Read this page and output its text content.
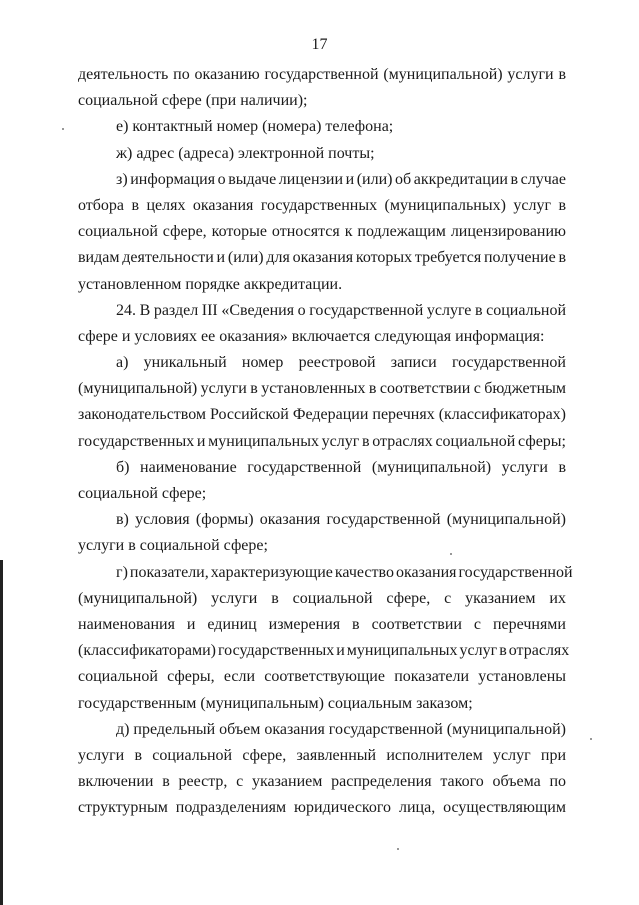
17
деятельность по оказанию государственной (муниципальной) услуги в
социальной сфере (при наличии);
е) контактный номер (номера) телефона;
ж) адрес (адреса) электронной почты;
з) информация о выдаче лицензии и (или) об аккредитации в случае
отбора в целях оказания государственных (муниципальных) услуг в
социальной сфере, которые относятся к подлежащим лицензированию
видам деятельности и (или) для оказания которых требуется получение в
установленном порядке аккредитации.
24. В раздел III «Сведения о государственной услуге в социальной
сфере и условиях ее оказания» включается следующая информация:
а) уникальный номер реестровой записи государственной
(муниципальной) услуги в установленных в соответствии с бюджетным
законодательством Российской Федерации перечнях (классификаторах)
государственных и муниципальных услуг в отраслях социальной сферы;
б) наименование государственной (муниципальной) услуги в
социальной сфере;
в) условия (формы) оказания государственной (муниципальной)
услуги в социальной сфере;
г) показатели, характеризующие качество оказания государственной
(муниципальной) услуги в социальной сфере, с указанием их
наименования и единиц измерения в соответствии с перечнями
(классификаторами) государственных и муниципальных услуг в отраслях
социальной сферы, если соответствующие показатели установлены
государственным (муниципальным) социальным заказом;
д) предельный объем оказания государственной (муниципальной)
услуги в социальной сфере, заявленный исполнителем услуг при
включении в реестр, с указанием распределения такого объема по
структурным подразделениям юридического лица, осуществляющим
